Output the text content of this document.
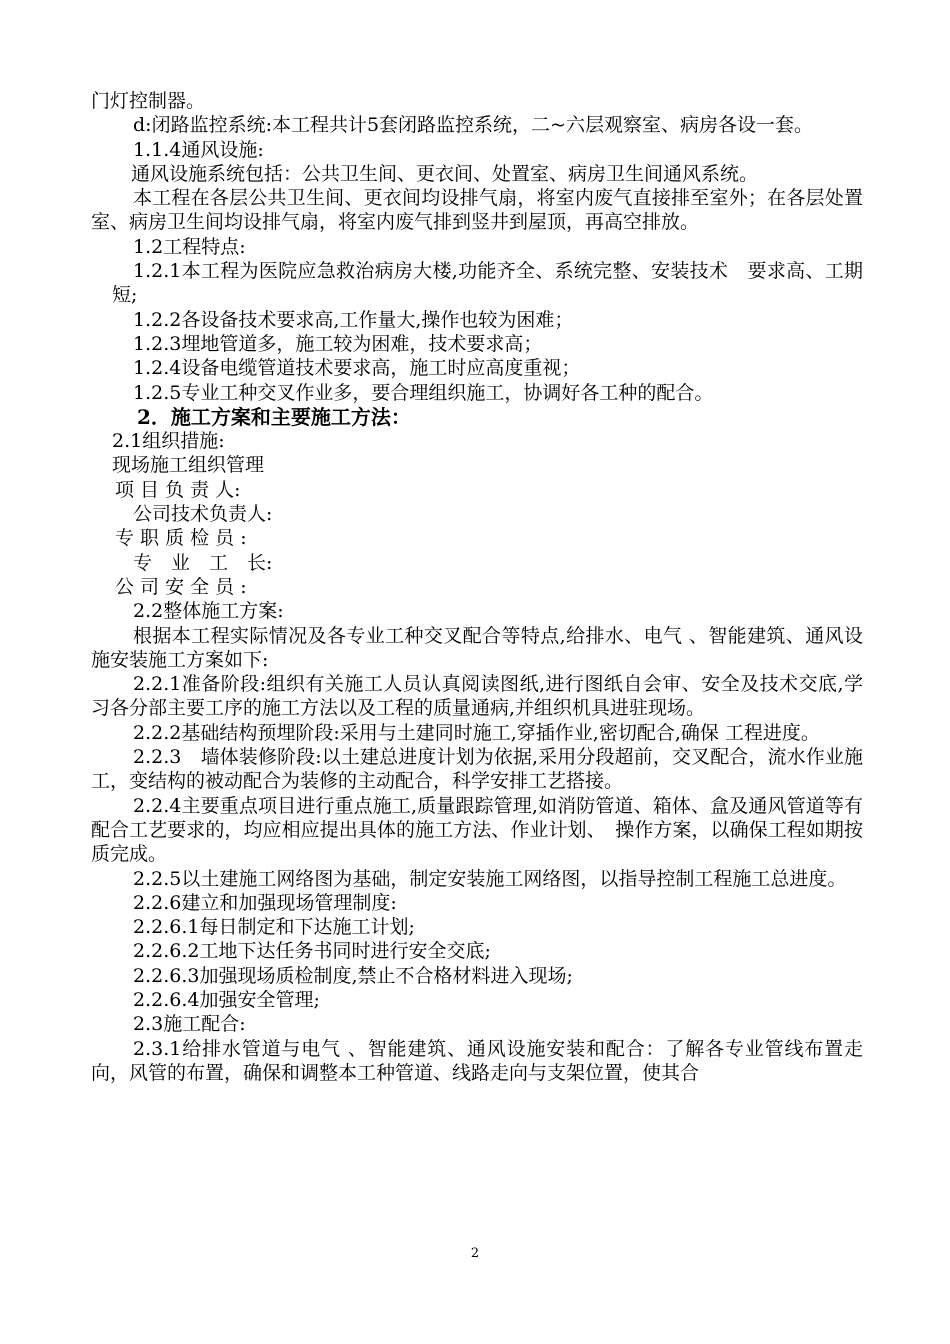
门灯控制器。

d:闭路监控系统:本工程共计5套闭路监控系统，二~六层观察室、病房各设一套。

1.1.4通风设施:

通风设施系统包括：公共卫生间、更衣间、处置室、病房卫生间通风系统。

本工程在各层公共卫生间、更衣间均设排气扇，将室内废气直接排至室外；在各层处置室、病房卫生间均设排气扇，将室内废气排到竖井到屋顶，再高空排放。

1.2工程特点:

1.2.1本工程为医院应急救治病房大楼,功能齐全、系统完整、安装技术　要求高、工期短;

1.2.2各设备技术要求高,工作量大,操作也较为困难；

1.2.3埋地管道多，施工较为困难，技术要求高；

1.2.4设备电缆管道技术要求高，施工时应高度重视；

1.2.5专业工种交叉作业多，要合理组织施工，协调好各工种的配合。

2．施工方案和主要施工方法：

2.1组织措施:

现场施工组织管理

项 目 负 责 人:

公司技术负责人:

专 职 质 检 员 :

专　业　工　长:

公 司 安 全 员 :

2.2整体施工方案:

根据本工程实际情况及各专业工种交叉配合等特点,给排水、电气 、智能建筑、通风设施安装施工方案如下:

2.2.1准备阶段:组织有关施工人员认真阅读图纸,进行图纸自会审、安全及技术交底,学习各分部主要工序的施工方法以及工程的质量通病,并组织机具进驻现场。

2.2.2基础结构预埋阶段:采用与土建同时施工,穿插作业,密切配合,确保 工程进度。

2.2.3　墙体装修阶段:以土建总进度计划为依据,采用分段超前，交叉配合，流水作业施工，变结构的被动配合为装修的主动配合，科学安排工艺搭接。

2.2.4主要重点项目进行重点施工,质量跟踪管理,如消防管道、箱体、盒及通风管道等有配合工艺要求的，均应相应提出具体的施工方法、作业计划、　操作方案，以确保工程如期按质完成。

2.2.5以土建施工网络图为基础，制定安装施工网络图，以指导控制工程施工总进度。

2.2.6建立和加强现场管理制度:

2.2.6.1每日制定和下达施工计划;

2.2.6.2工地下达任务书同时进行安全交底;

2.2.6.3加强现场质检制度,禁止不合格材料进入现场;

2.2.6.4加强安全管理;

2.3施工配合:

2.3.1给排水管道与电气 、智能建筑、通风设施安装和配合：了解各专业管线布置走向，风管的布置，确保和调整本工种管道、线路走向与支架位置，使其合

2
